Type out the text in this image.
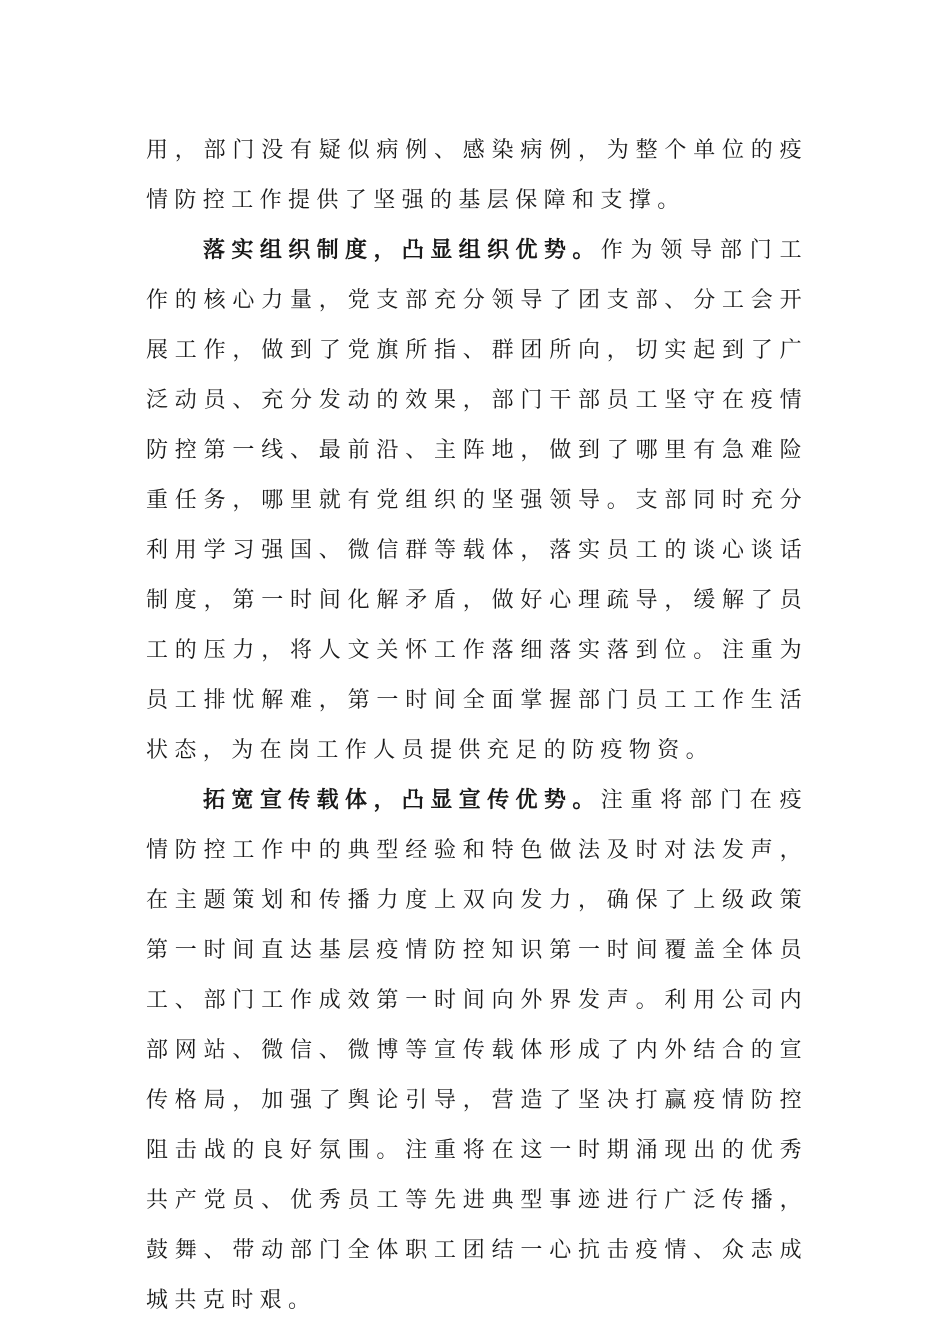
用，部门没有疑似病例、感染病例，为整个单位的疫情防控工作提供了坚强的基层保障和支撑。

落实组织制度，凸显组织优势。作为领导部门工作的核心力量，党支部充分领导了团支部、分工会开展工作，做到了党旗所指、群团所向，切实起到了广泛动员、充分发动的效果，部门干部员工坚守在疫情防控第一线、最前沿、主阵地，做到了哪里有急难险重任务，哪里就有党组织的坚强领导。支部同时充分利用学习强国、微信群等载体，落实员工的谈心谈话制度，第一时间化解矛盾，做好心理疏导，缓解了员工的压力，将人文关怀工作落细落实落到位。注重为员工排忧解难，第一时间全面掌握部门员工工作生活状态，为在岗工作人员提供充足的防疫物资。

拓宽宣传载体，凸显宣传优势。注重将部门在疫情防控工作中的典型经验和特色做法及时对法发声，在主题策划和传播力度上双向发力，确保了上级政策第一时间直达基层疫情防控知识第一时间覆盖全体员工、部门工作成效第一时间向外界发声。利用公司内部网站、微信、微博等宣传载体形成了内外结合的宣传格局，加强了舆论引导，营造了坚决打赢疫情防控阻击战的良好氛围。注重将在这一时期涌现出的优秀共产党员、优秀员工等先进典型事迹进行广泛传播，鼓舞、带动部门全体职工团结一心抗击疫情、众志成城共克时艰。
